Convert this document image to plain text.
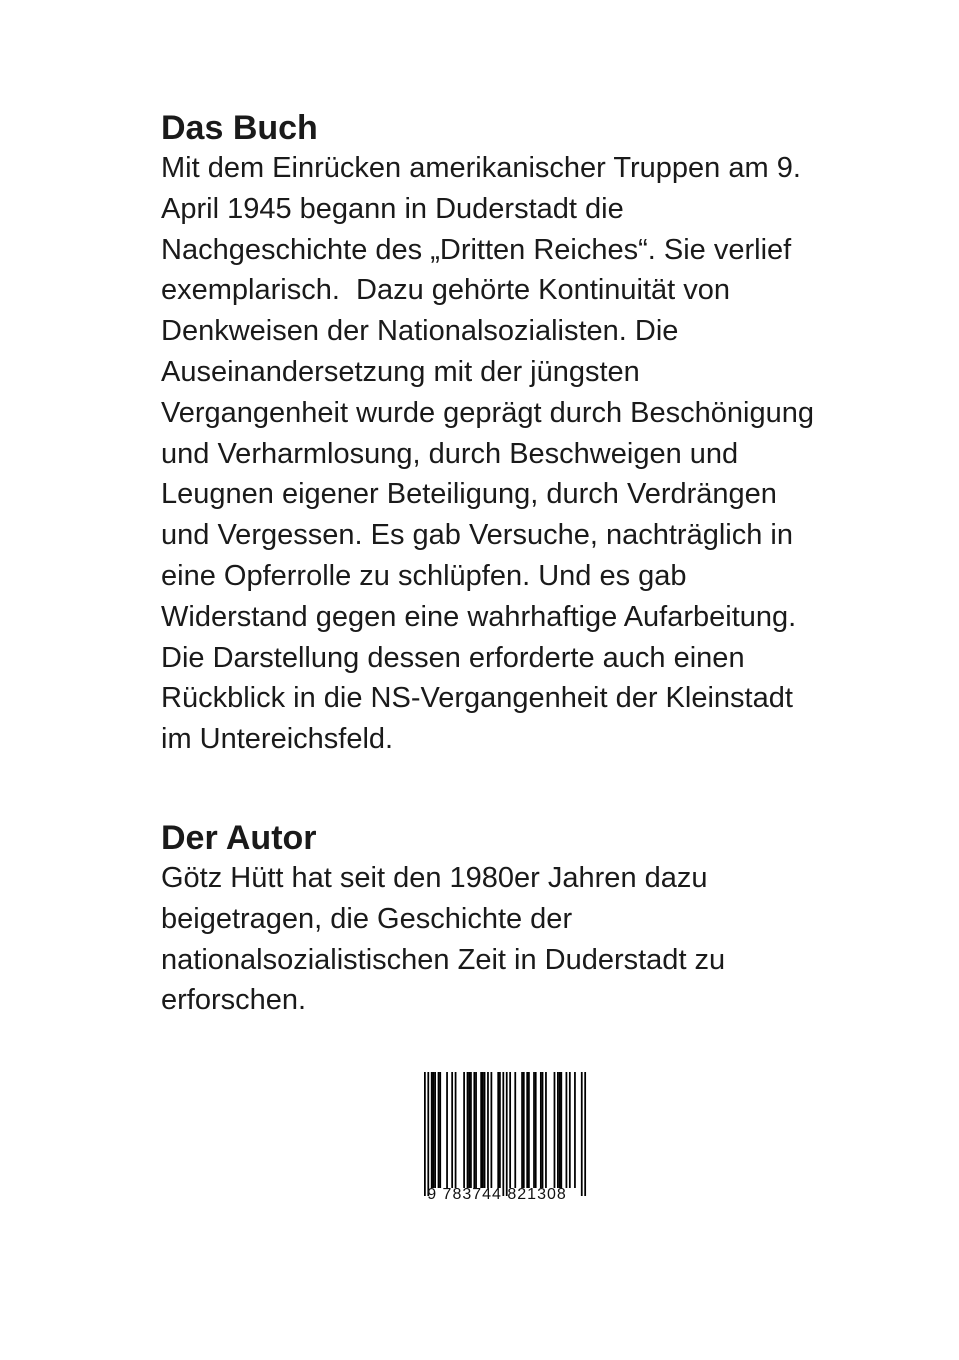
Das Buch
Mit dem Einrücken amerikanischer Truppen am 9.
April 1945 begann in Duderstadt die
Nachgeschichte des „Dritten Reiches“. Sie verlief
exemplarisch.  Dazu gehörte Kontinuität von
Denkweisen der Nationalsozialisten. Die
Auseinandersetzung mit der jüngsten
Vergangenheit wurde geprägt durch Beschönigung
und Verharmlosung, durch Beschweigen und
Leugnen eigener Beteiligung, durch Verdrängen
und Vergessen. Es gab Versuche, nachträglich in
eine Opferrolle zu schlüpfen. Und es gab
Widerstand gegen eine wahrhaftige Aufarbeitung.
Die Darstellung dessen erforderte auch einen
Rückblick in die NS-Vergangenheit der Kleinstadt
im Untereichsfeld.
Der Autor
Götz Hütt hat seit den 1980er Jahren dazu
beigetragen, die Geschichte der
nationalsozialistischen Zeit in Duderstadt zu
erforschen.
9 783744 821308
